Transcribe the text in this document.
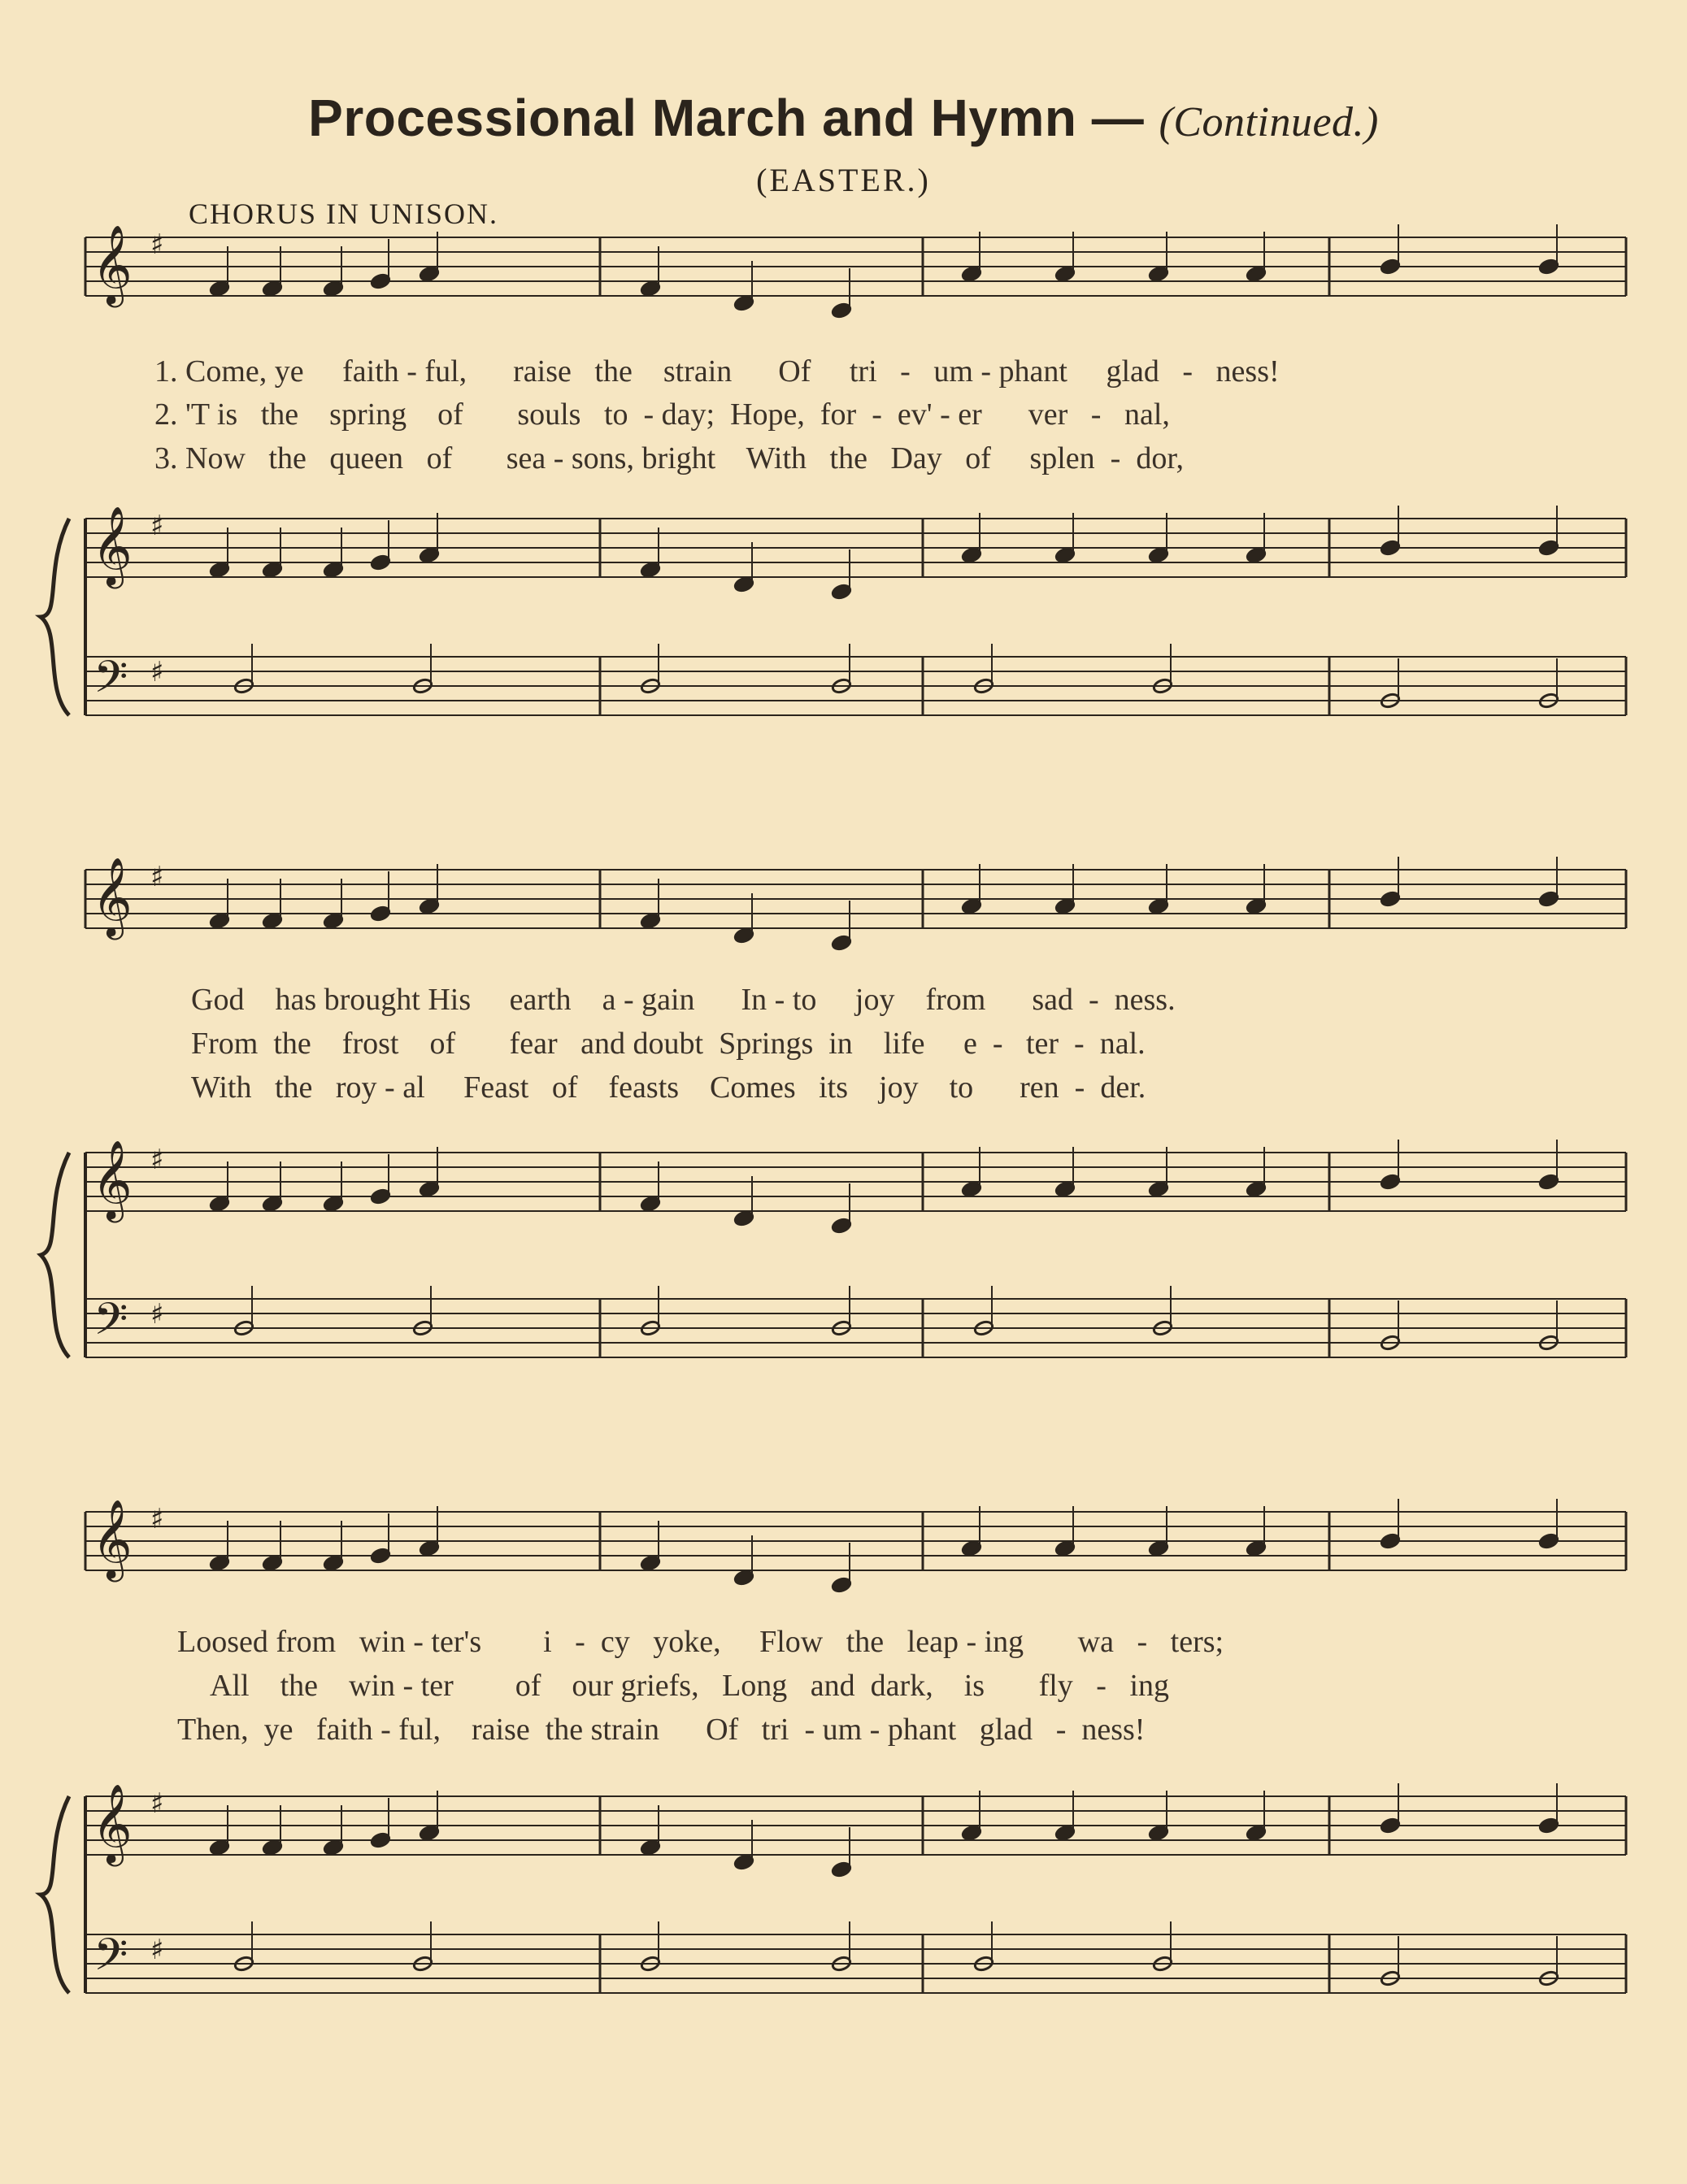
Processional March and Hymn — (Continued.)
(EASTER.)
CHORUS IN UNISON.
𝄞
𝄞
𝄢
♯
♯
♯
𝄞
𝄞
𝄢
♯
♯
♯
𝄞
𝄞
𝄢
♯
♯
♯
1. Come, ye faith - ful, raise the strain Of tri - um - phant glad - ness!
2. 'T is the spring of souls to - day; Hope, for - ev' - er ver - nal,
3. Now the queen of sea - sons, bright With the Day of splen - dor,
God has brought His earth a - gain In - to joy from sad - ness.
From the frost of fear and doubt Springs in life e - ter - nal.
With the roy - al Feast of feasts Comes its joy to ren - der.
Loosed from win - ter's i - cy yoke, Flow the leap - ing wa - ters;
All the win - ter of our griefs, Long and dark, is fly - ing
Then, ye faith - ful, raise the strain Of tri - um - phant glad - ness!
